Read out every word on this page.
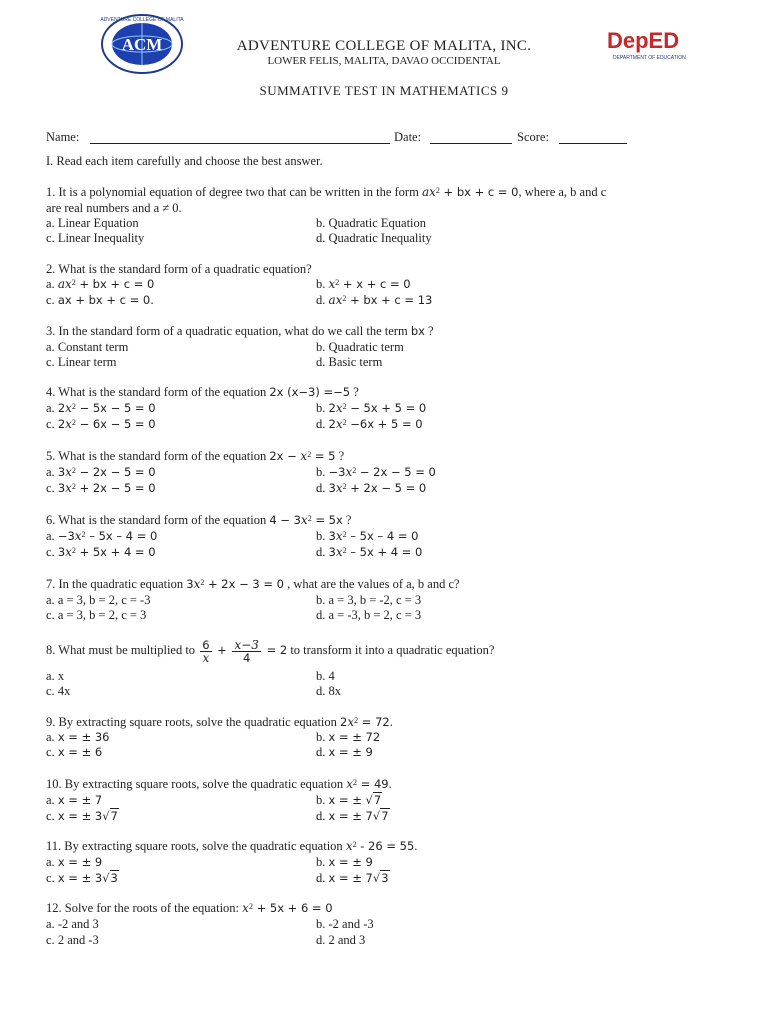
ACM
ADVENTURE COLLEGE OF MALITA
ADVENTURE COLLEGE OF MALITA, INC.
LOWER FELIS, MALITA, DAVAO OCCIDENTAL
DepED
DEPARTMENT OF EDUCATION
SUMMATIVE TEST IN MATHEMATICS 9
Name:	Date:	Score:
I. Read each item carefully and choose the best answer.
1. It is a polynomial equation of degree two that can be written in the form $ax^2$ + bx + c = 0, where a, b and c
are real numbers and a ≠ 0.
a. Linear Equation	b. Quadratic Equation
c. Linear Inequality	d. Quadratic Inequality
2. What is the standard form of a quadratic equation?
a. $ax^2$ + bx + c = 0	b. $x^2 + x + c = 0$
c. ax + bx + c = 0.	d. $ax^2$ + bx + c = 13
3. In the standard form of a quadratic equation, what do we call the term bx ?
a. Constant term	b. Quadratic term
c. Linear term	d. Basic term
4. What is the standard form of the equation 2x (x−3) =−5 ?
a. $2x^2 - 5x - 5 = 0$	b. $2x^2 - 5x + 5 = 0$
c. $2x^2 - 6x - 5 = 0$	d. $2x^2 -6x + 5 = 0$
5. What is the standard form of the equation $2x - x^2 = 5$ ?
a. $3x^2 - 2x - 5 = 0$	b. $-3x^2 - 2x - 5 = 0$
c. $3x^2 + 2x - 5 = 0$	d. $3x^2 + 2x - 5 = 0$
6. What is the standard form of the equation $4 - 3x^2 = 5x$ ?
a. $-3x^2 - 5x - 4 = 0$	b. $3x^2 - 5x - 4 = 0$
c. $3x^2 + 5x + 4 = 0$	d. $3x^2 - 5x + 4 = 0$
7. In the quadratic equation $3x^2 + 2x - 3 = 0$ , what are the values of a, b and c?
a. a = 3, b = 2, c = -3	b. a = 3, b = -2, c = 3
c. a = 3, b = 2, c = 3	d. a = -3, b = 2, c = 3
8. What must be multiplied to $\frac{6}{x} + \frac{x-3}{4} = 2$ to transform it into a quadratic equation?
a. x	b. 4
c. 4x	d. 8x
9. By extracting square roots, solve the quadratic equation $2x^2 = 72$.
a. x = ± 36	b. x = ± 72
c. x = ± 6	d. x = ± 9
10. By extracting square roots, solve the quadratic equation $x^2 = 49$.
a. x = ± 7	b. x = ± √7
c. x = ± 3√7	d. x = ± 7√7
11. By extracting square roots, solve the quadratic equation $x^2 - 26 = 55$.
a. x = ± 9	b. x = ± 9
c. x = ± 3√3	d. x = ± 7√3
12. Solve for the roots of the equation: $x^2 + 5x + 6 = 0$
a. -2 and 3	b. -2 and -3
c. 2 and -3	d. 2 and 3
